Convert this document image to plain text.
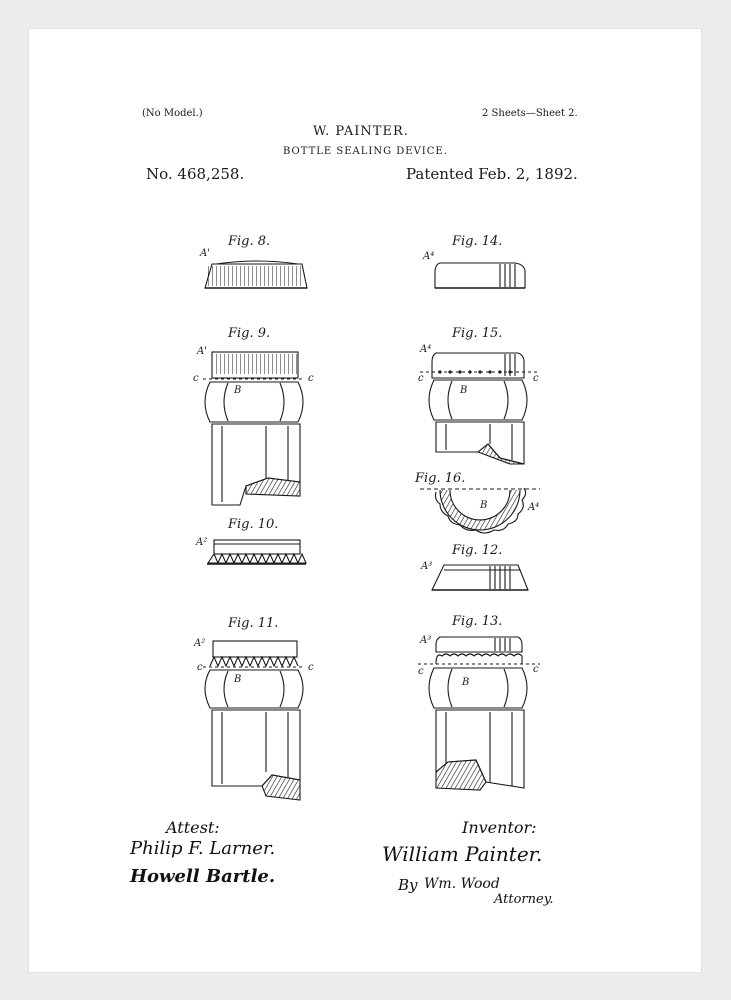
(No Model.)	2 Sheets—Sheet 2.
W. PAINTER.
BOTTLE SEALING DEVICE.
No. 468,258.	Patented Feb. 2, 1892.
Fig. 8.
Fig. 9.
Fig. 10.
Fig. 11.
Fig. 14.
Fig. 15.
Fig. 16.
Fig. 12.
Fig. 13.
A'
A'
c	c
B
A²
A²
c	c
B
A⁴
A⁴
c	c
B
B	A⁴
A³
A³
c	c
B
Attest:	Inventor:
Philip F. Larner.
Howell Bartle.
William Painter.
By Wm. Wood
Attorney.
